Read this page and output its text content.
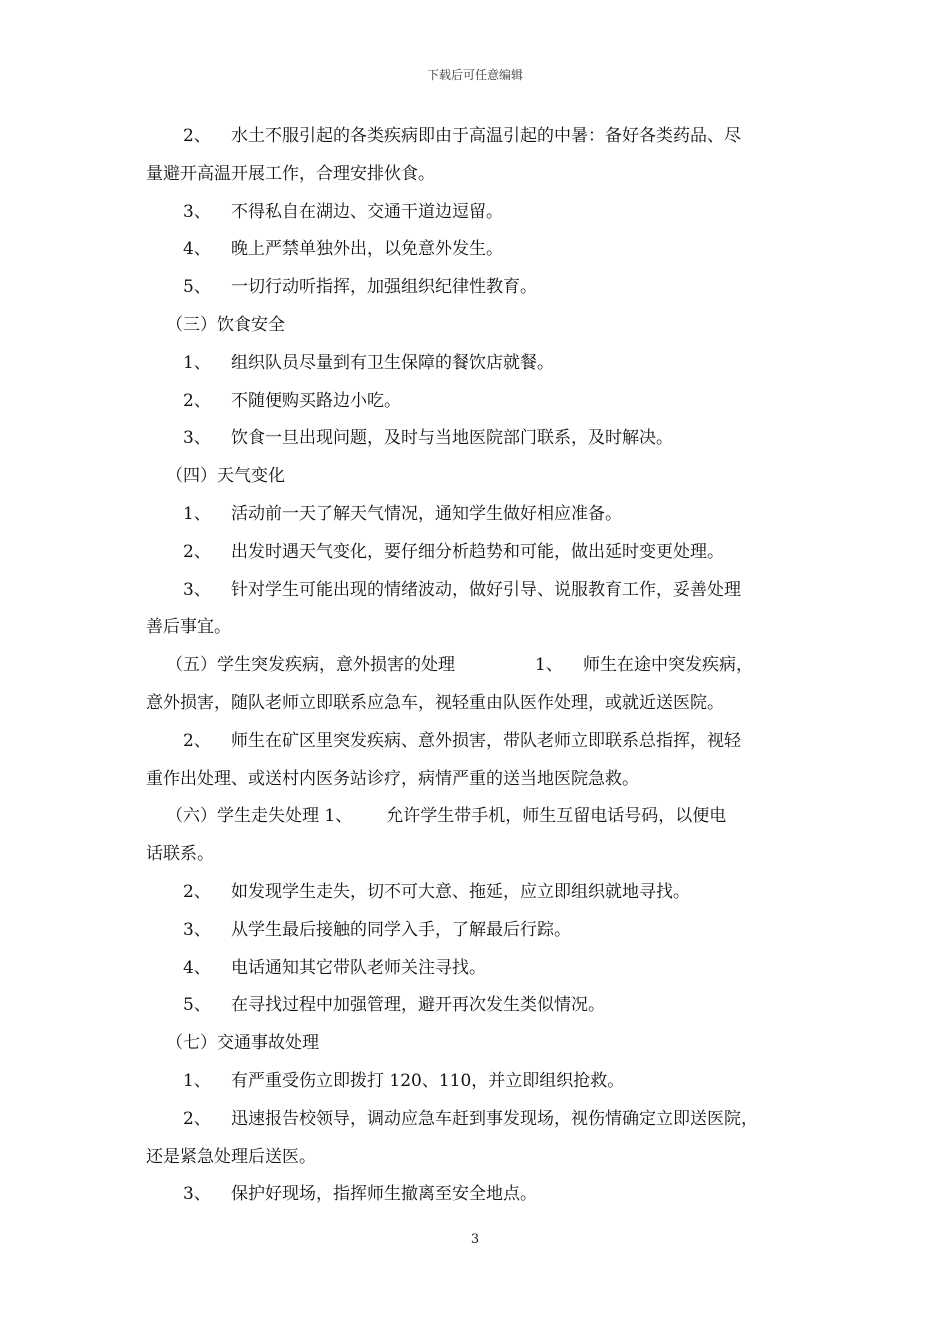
下载后可任意编辑
2、 水土不服引起的各类疾病即由于高温引起的中暑：备好各类药品、尽
量避开高温开展工作，合理安排伙食。
3、 不得私自在湖边、交通干道边逗留。
4、 晚上严禁单独外出，以免意外发生。
5、 一切行动听指挥，加强组织纪律性教育。
（三）饮食安全
1、 组织队员尽量到有卫生保障的餐饮店就餐。
2、 不随便购买路边小吃。
3、 饮食一旦出现问题，及时与当地医院部门联系，及时解决。
（四）天气变化
1、 活动前一天了解天气情况，通知学生做好相应准备。
2、 出发时遇天气变化，要仔细分析趋势和可能，做出延时变更处理。
3、 针对学生可能出现的情绪波动，做好引导、说服教育工作，妥善处理
善后事宜。
（五）学生突发疾病，意外损害的处理	1、 师生在途中突发疾病，
意外损害，随队老师立即联系应急车，视轻重由队医作处理，或就近送医院。
2、 师生在矿区里突发疾病、意外损害，带队老师立即联系总指挥，视轻
重作出处理、或送村内医务站诊疗，病情严重的送当地医院急救。
（六）学生走失处理 1、 允许学生带手机，师生互留电话号码，以便电
话联系。
2、 如发现学生走失，切不可大意、拖延，应立即组织就地寻找。
3、 从学生最后接触的同学入手，了解最后行踪。
4、 电话通知其它带队老师关注寻找。
5、 在寻找过程中加强管理，避开再次发生类似情况。
（七）交通事故处理
1、 有严重受伤立即拨打 120、110，并立即组织抢救。
2、 迅速报告校领导，调动应急车赶到事发现场，视伤情确定立即送医院，
还是紧急处理后送医。
3、 保护好现场，指挥师生撤离至安全地点。
3
